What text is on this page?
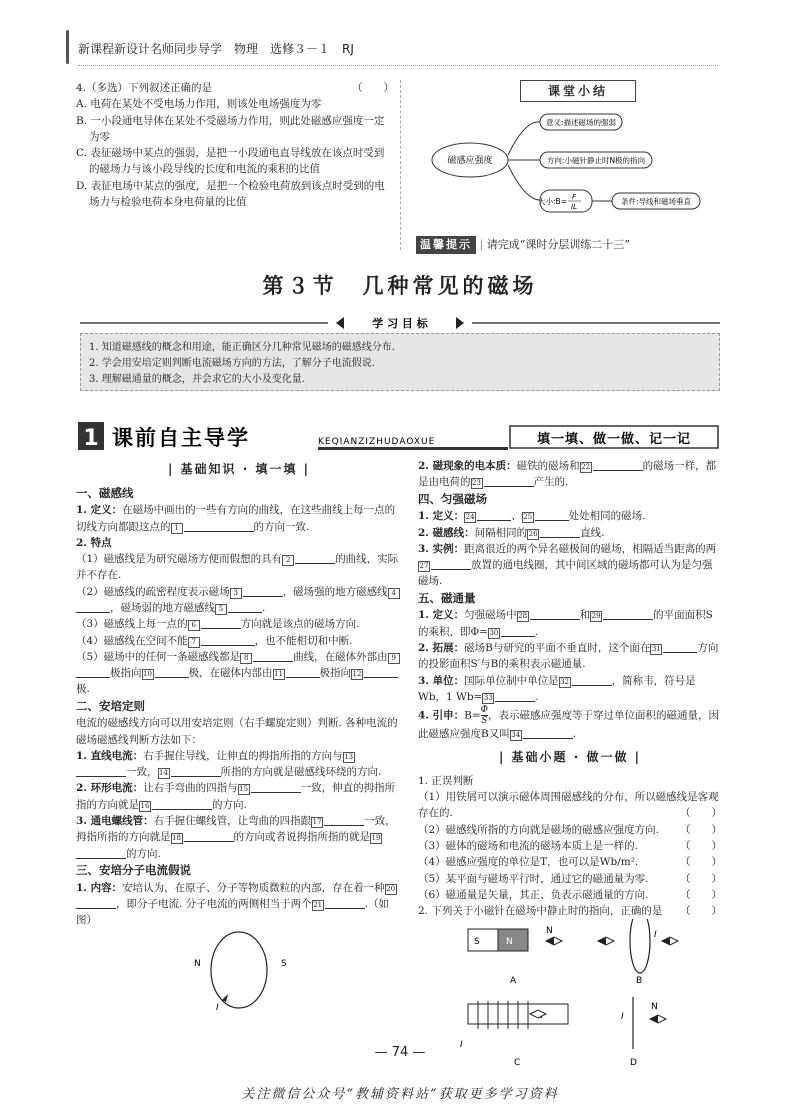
新课程新设计名师同步导学　物理　选修３－１　RJ

4.（多选）下列叙述正确的是	（　　）

A. 电荷在某处不受电场力作用，则该处电场强度为零

B. 一小段通电导体在某处不受磁场力作用，则此处磁感应强度一定为零

C. 表征磁场中某点的强弱，是把一小段通电直导线放在该点时受到的磁场力与该小段导线的长度和电流的乘积的比值

D. 表征电场中某点的强度，是把一个检验电荷放到该点时受到的电场力与检验电荷本身电荷量的比值

课堂小结
磁感应强度
意义:描述磁场的强弱
方向:小磁针静止时N极的指向
大小:B= F
IL
条件:导线和磁场垂直
温馨提示 | 请完成“课时分层训练二十三”
第３节　几种常见的磁场
学 习 目 标
1. 知道磁感线的概念和用途，能正确区分几种常见磁场的磁感线分布.
2. 学会用安培定则判断电流磁场方向的方法，了解分子电流假说.
3. 理解磁通量的概念，并会求它的大小及变化量.
1 课前自主导学	KEQIANZIZHUDAOXUE	填一填、做一做、记一记
| 基础知识 · 填一填 |

一、磁感线

1. 定义：在磁场中画出的一些有方向的曲线，在这些曲线上每一点的切线方向都跟这点的 1	的方向一致.

2. 特点

（1）磁感线是为研究磁场方便而假想的具有 2	的曲线，实际并不存在.

（2）磁感线的疏密程度表示磁场 3	，磁场强的地方磁感线 4，磁场弱的地方磁感线 5	.

（3）磁感线上每一点的 6	方向就是该点的磁场方向.

（4）磁感线在空间不能 7	，也不能相切和中断.

（5）磁场中的任何一条磁感线都是 8	曲线，在磁体外部由 9极指向 10	极，在磁体内部由 11	极指向 12极.

二、安培定则

电流的磁感线方向可以用安培定则（右手螺旋定则）判断. 各种电流的磁场磁感线判断方法如下：

1. 直线电流：右手握住导线，让伸直的拇指所指的方向与 13一致， 14	所指的方向就是磁感线环绕的方向.

2. 环形电流：让右手弯曲的四指与 15	一致，伸直的拇指所指的方向就是 16	的方向.

3. 通电螺线管：右手握住螺线管，让弯曲的四指跟 17	一致，拇指所指的方向就是 18	的方向或者说拇指所指的就是 19的方向.

三、安培分子电流假说

1. 内容：安培认为，在原子、分子等物质微粒的内部，存在着一种 20，即分子电流. 分子电流的两侧相当于两个 21	.（如图）

N	S
I

2. 磁现象的电本质：磁铁的磁场和 22	的磁场一样，都是由电荷的 23	产生的.

四、匀强磁场

1. 定义： 24	、 25	处处相同的磁场.

2. 磁感线：间隔相同的 26	直线.

3. 实例：距离很近的两个异名磁极间的磁场，相隔适当距离的两27	放置的通电线圈，其中间区域的磁场都可认为是匀强磁场.

五、磁通量

1. 定义：匀强磁场中 28	和 29	的平面面积S的乘积，即Φ= 30	.

2. 拓展：磁场B与研究的平面不垂直时，这个面在 31	方向的投影面积S′与B的乘积表示磁通量.

3. 单位：国际单位制中单位是 32	，简称韦，符号是Wb，1 Wb= 33	.

4. 引申：$B= \frac{\Phi}{S}$ ，表示磁感应强度等于穿过单位面积的磁通量，因此磁感应强度B又叫 34	.

| 基础小题 · 做一做 |

1. 正误判断

（1）用铁屑可以演示磁体周围磁感线的分布，所以磁感线是客观存在的.	（　　）

（2）磁感线所指的方向就是磁场的磁感应强度方向. （　　）

（3）磁体的磁场和电流的磁场本质上是一样的.	（　　）

（4）磁感应强度的单位是T，也可以是Wb/m².	（　　）

（5）某平面与磁场平行时，通过它的磁通量为零.	（　　）

（6）磁通量是矢量，其正、负表示磁通量的方向.	（　　）

2. 下列关于小磁针在磁场中静止时的指向，正确的是 （　　）

S	N
N
A
I
B
I
C
I
N
D
— 74 —
关注微信公众号“教辅资料站”获取更多学习资料
